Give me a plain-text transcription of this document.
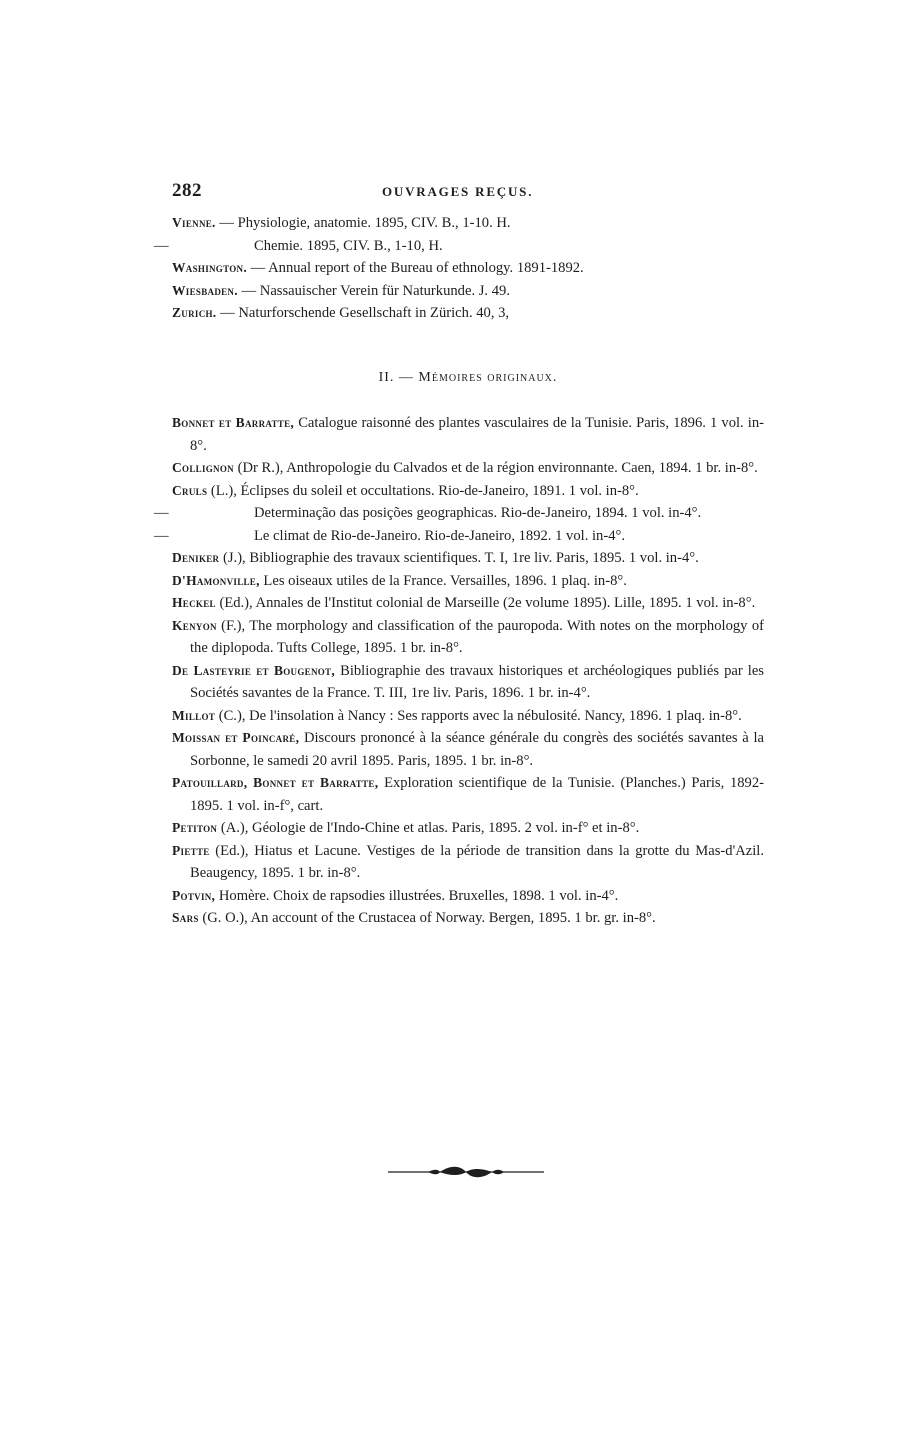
282	OUVRAGES REÇUS.

Vienne. — Physiologie, anatomie. 1895, CIV. B., 1-10. H.

—	Chemie. 1895, CIV. B., 1-10, H.

Washington. — Annual report of the Bureau of ethnology. 1891-1892.

Wiesbaden. — Nassauischer Verein für Naturkunde. J. 49.

Zurich. — Naturforschende Gesellschaft in Zürich. 40, 3,

II. — Mémoires originaux.

Bonnet et Barratte, Catalogue raisonné des plantes vasculaires de la Tunisie. Paris, 1896. 1 vol. in-8°.

Collignon (Dr R.), Anthropologie du Calvados et de la région environnante. Caen, 1894. 1 br. in-8°.

Cruls (L.), Éclipses du soleil et occultations. Rio-de-Janeiro, 1891. 1 vol. in-8°.

—	Determinação das posições geographicas. Rio-de-Janeiro, 1894. 1 vol. in-4°.

—	Le climat de Rio-de-Janeiro. Rio-de-Janeiro, 1892. 1 vol. in-4°.

Deniker (J.), Bibliographie des travaux scientifiques. T. I, 1re liv. Paris, 1895. 1 vol. in-4°.

D'Hamonville, Les oiseaux utiles de la France. Versailles, 1896. 1 plaq. in-8°.

Heckel (Ed.), Annales de l'Institut colonial de Marseille (2e volume 1895). Lille, 1895. 1 vol. in-8°.

Kenyon (F.), The morphology and classification of the pauropoda. With notes on the morphology of the diplopoda. Tufts College, 1895. 1 br. in-8°.

De Lasteyrie et Bougenot, Bibliographie des travaux historiques et archéologiques publiés par les Sociétés savantes de la France. T. III, 1re liv. Paris, 1896. 1 br. in-4°.

Millot (C.), De l'insolation à Nancy : Ses rapports avec la nébulosité. Nancy, 1896. 1 plaq. in-8°.

Moissan et Poincaré, Discours prononcé à la séance générale du congrès des sociétés savantes à la Sorbonne, le samedi 20 avril 1895. Paris, 1895. 1 br. in-8°.

Patouillard, Bonnet et Barratte, Exploration scientifique de la Tunisie. (Planches.) Paris, 1892-1895. 1 vol. in-f°, cart.

Petiton (A.), Géologie de l'Indo-Chine et atlas. Paris, 1895. 2 vol. in-f° et in-8°.

Piette (Ed.), Hiatus et Lacune. Vestiges de la période de transition dans la grotte du Mas-d'Azil. Beaugency, 1895. 1 br. in-8°.

Potvin, Homère. Choix de rapsodies illustrées. Bruxelles, 1898. 1 vol. in-4°.

Sars (G. O.), An account of the Crustacea of Norway. Bergen, 1895. 1 br. gr. in-8°.
